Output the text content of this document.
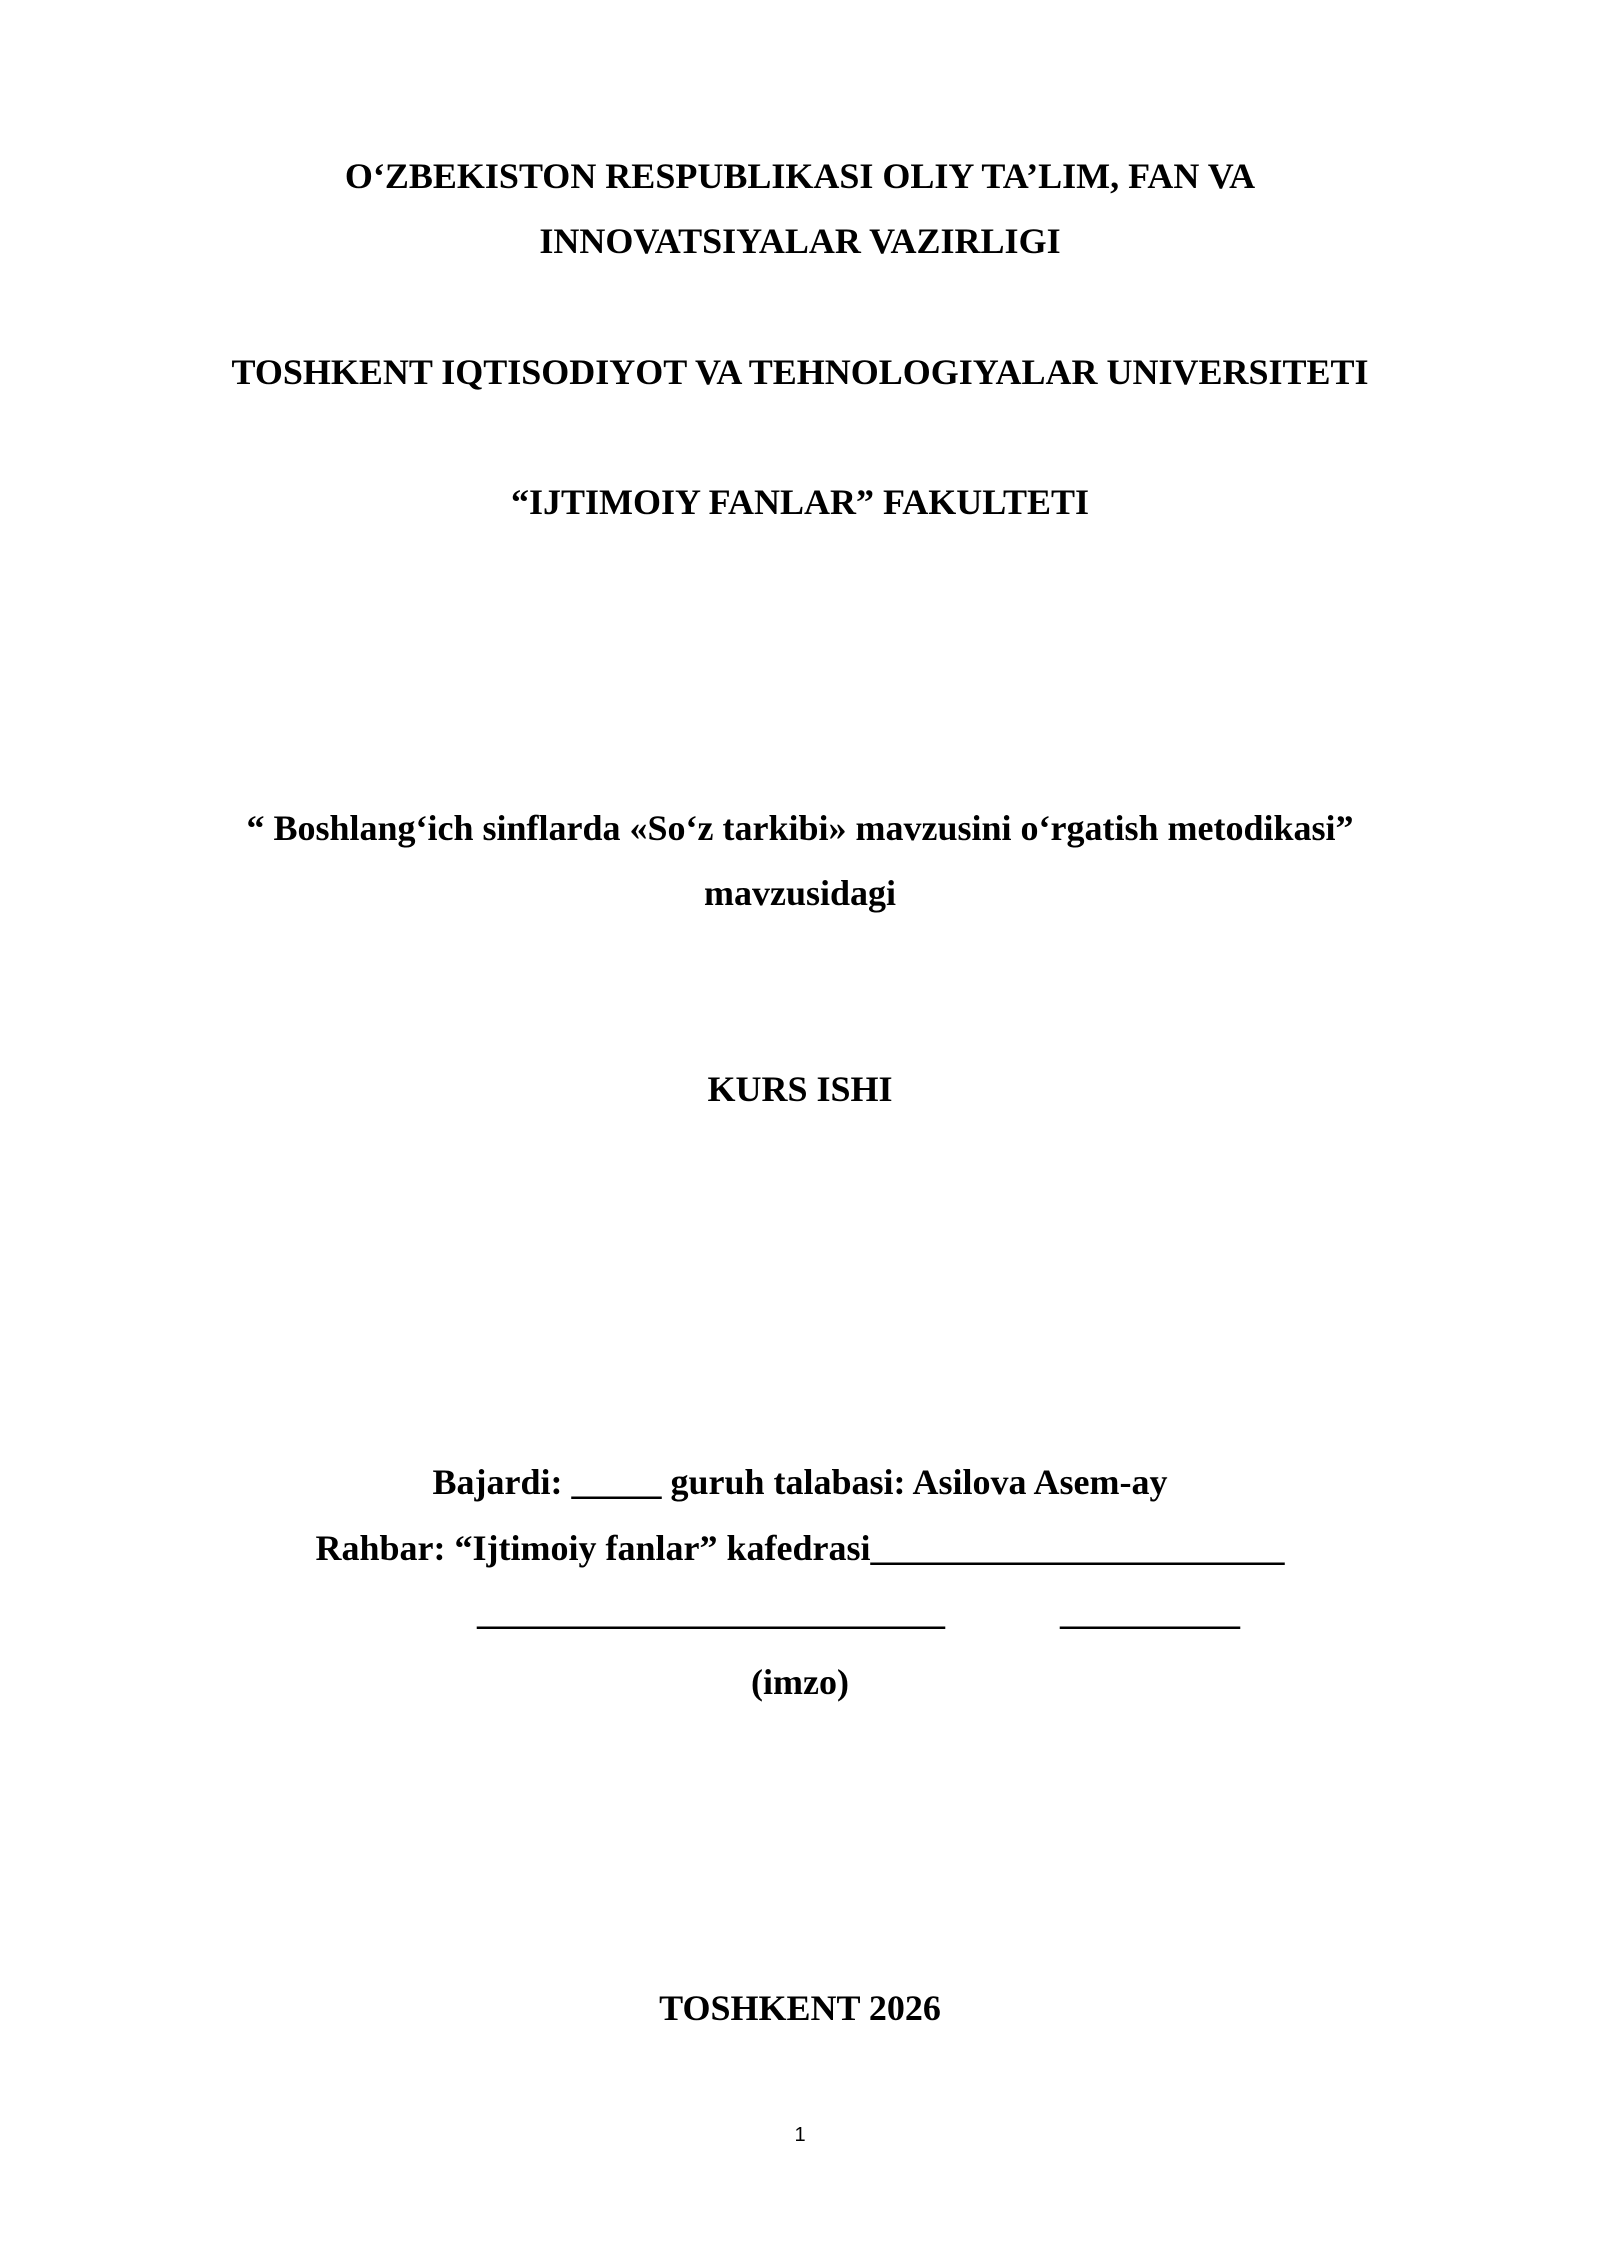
O‘ZBEKISTON RESPUBLIKASI OLIY TA’LIM, FAN VA
INNOVATSIYALAR VAZIRLIGI
TOSHKENT IQTISODIYOT VA TEHNOLOGIYALAR UNIVERSITETI
“IJTIMOIY FANLAR” FAKULTETI
“ Boshlang‘ich sinflarda «So‘z tarkibi» mavzusini o‘rgatish metodikasi”
mavzusidagi
KURS ISHI
Bajardi: _____ guruh talabasi: Asilova Asem-ay
Rahbar: “Ijtimoiy fanlar” kafedrasi_______________________
__________________________	__________
(imzo)
TOSHKENT 2026
1
